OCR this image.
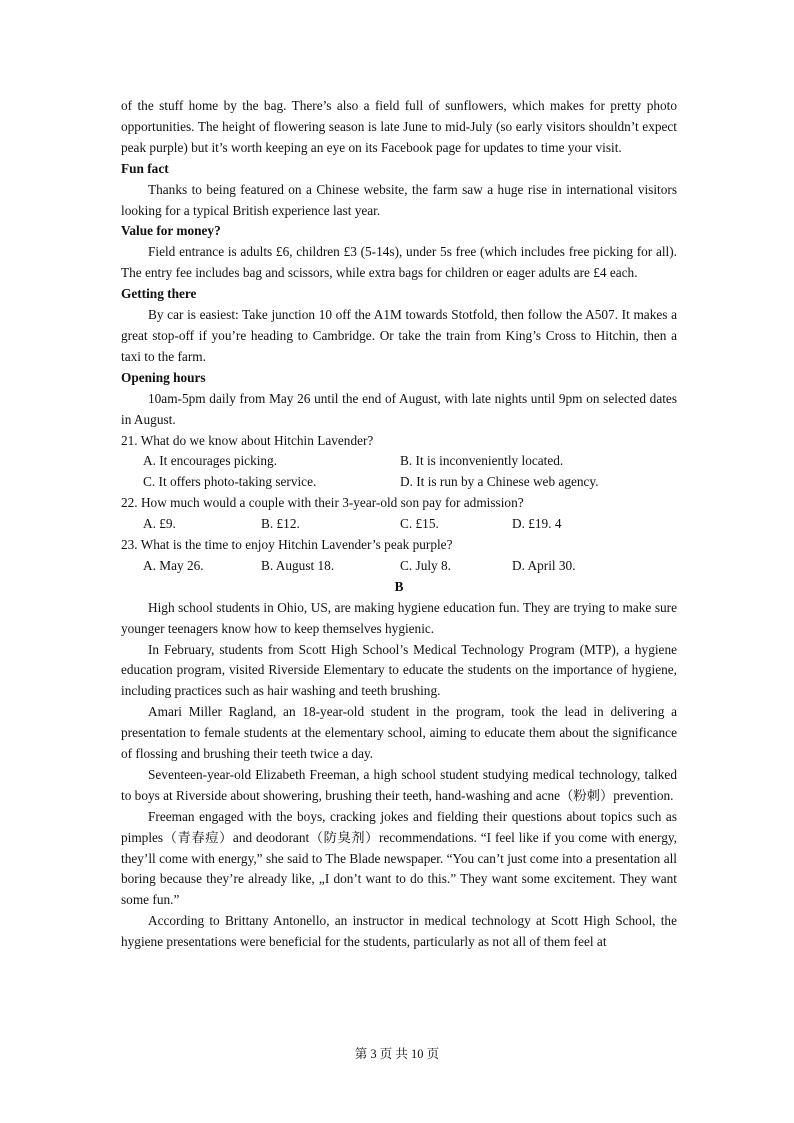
of the stuff home by the bag. There’s also a field full of sunflowers, which makes for pretty photo opportunities. The height of flowering season is late June to mid-July (so early visitors shouldn’t expect peak purple) but it’s worth keeping an eye on its Facebook page for updates to time your visit.

Fun fact

Thanks to being featured on a Chinese website, the farm saw a huge rise in international visitors looking for a typical British experience last year.

Value for money?

Field entrance is adults £6, children £3 (5-14s), under 5s free (which includes free picking for all). The entry fee includes bag and scissors, while extra bags for children or eager adults are £4 each.

Getting there

By car is easiest: Take junction 10 off the A1M towards Stotfold, then follow the A507. It makes a great stop-off if you’re heading to Cambridge. Or take the train from King’s Cross to Hitchin, then a taxi to the farm.

Opening hours

10am-5pm daily from May 26 until the end of August, with late nights until 9pm on selected dates in August.

21. What do we know about Hitchin Lavender?

A. It encourages picking.	B. It is inconveniently located.
C. It offers photo-taking service.	D. It is run by a Chinese web agency.

22. How much would a couple with their 3-year-old son pay for admission?

A. £9.	B. £12.	C. £15.	D. £19. 4

23. What is the time to enjoy Hitchin Lavender’s peak purple?

A. May 26.	B. August 18.	C. July 8.	D. April 30.

B

High school students in Ohio, US, are making hygiene education fun. They are trying to make sure younger teenagers know how to keep themselves hygienic.

In February, students from Scott High School’s Medical Technology Program (MTP), a hygiene education program, visited Riverside Elementary to educate the students on the importance of hygiene, including practices such as hair washing and teeth brushing.

Amari Miller Ragland, an 18-year-old student in the program, took the lead in delivering a presentation to female students at the elementary school, aiming to educate them about the significance of flossing and brushing their teeth twice a day.

Seventeen-year-old Elizabeth Freeman, a high school student studying medical technology, talked to boys at Riverside about showering, brushing their teeth, hand-washing and acne（粉刺）prevention.

Freeman engaged with the boys, cracking jokes and fielding their questions about topics such as pimples（青春痘）and deodorant（防臭剂）recommendations. “I feel like if you come with energy, they’ll come with energy,” she said to The Blade newspaper. “You can’t just come into a presentation all boring because they’re already like, „I don’t want to do this.” They want some excitement. They want some fun.”

According to Brittany Antonello, an instructor in medical technology at Scott High School, the hygiene presentations were beneficial for the students, particularly as not all of them feel at

第 3 页 共 10 页
